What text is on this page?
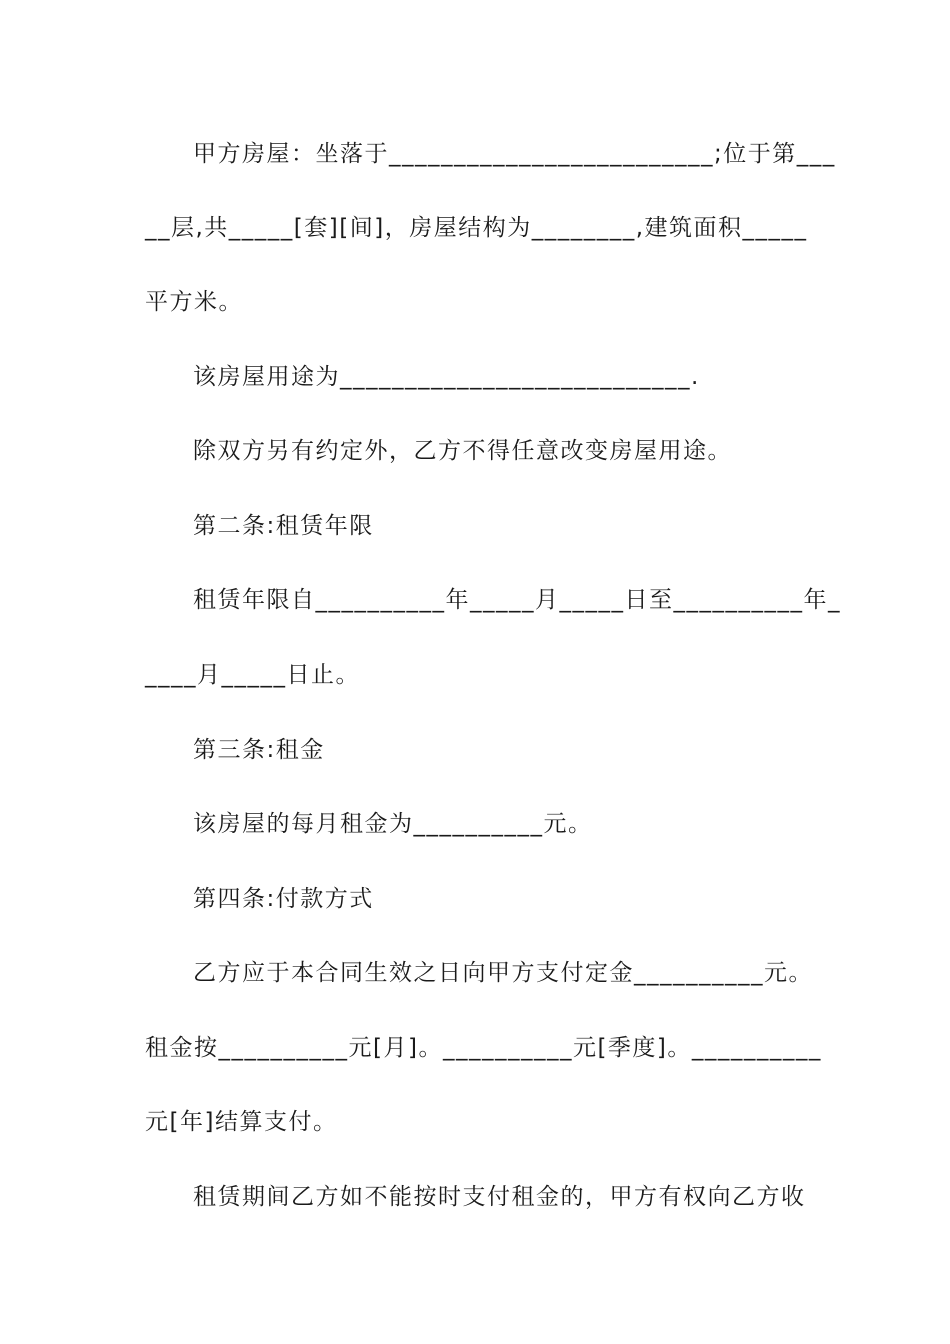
甲方房屋：坐落于_________________________;位于第___

__层,共_____[套][间]，房屋结构为________,建筑面积_____

平方米。

该房屋用途为___________________________.

除双方另有约定外，乙方不得任意改变房屋用途。

第二条:租赁年限

租赁年限自__________年_____月_____日至__________年_

____月_____日止。

第三条:租金

该房屋的每月租金为__________元。

第四条:付款方式

乙方应于本合同生效之日向甲方支付定金__________元。

租金按__________元[月]。__________元[季度]。__________

元[年]结算支付。

租赁期间乙方如不能按时支付租金的，甲方有权向乙方收
